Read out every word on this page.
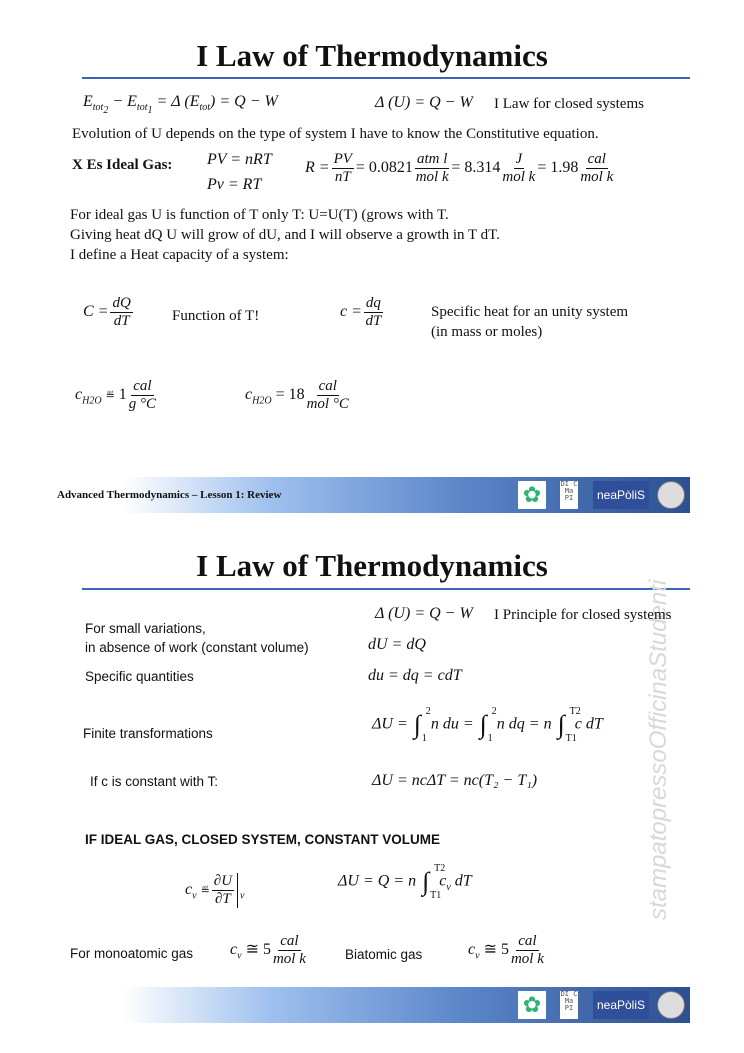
I Law of Thermodynamics
$E_{tot_2} - E_{tot_1} = \Delta$ $(E_{tot}) = Q - W$	Δ (U) = Q − W I Law for closed systems
Evolution of U depends on the type of system I have to know the Constitutive equation.
X Es Ideal Gas: PV = nRT
Pv = RT
$R = \frac{PV}{nT} = 0.0821 \frac{\text{atm l}}{\text{mol k}} = 8.314 \frac{J}{\text{mol k}} = 1.98 \frac{\text{cal}}{\text{mol k}}$
For ideal gas U is function of T only T: U=U(T) (grows with T.
Giving heat dQ U will grow of dU, and I will observe a growth in T dT.
I define a Heat capacity of a system:
$C = \frac{dQ}{dT}$	Function of T!	$c = \frac{dq}{dT}$	Specific heat for an unity system
(in mass or moles)
$c_{H2O}$ ≝ $1 \frac{\text{cal}}{g ^\circ C}$	$c_{H2O} = 18 \frac{\text{cal}}{\text{mol °C}}$
Advanced Thermodynamics – Lesson 1: Review	✿	DI C Ma PI	neaPòliS
I Law of Thermodynamics
stampatopressoOfficinaStudenti
Δ (U) = Q − W I Principle for closed systems
For small variations,
in absence of work (constant volume)	dU = dQ
Specific quantities	du = dq = cdT
Finite transformations
ΔU = ∫ 2
1
n du = ∫ 2
1
n dq = n ∫ T2
T1
c dT
If c is constant with T:	ΔU = ncΔT = nc(T₂ − T₁)
IF IDEAL GAS, CLOSED SYSTEM, CONSTANT VOLUME
$c_v$ ≝ $\frac{\partial U}{\partial T} _v$
ΔU = Q = n ∫ T2
T1
$c_v$ dT
For monoatomic gas $c_v$ ≅ $5 \frac{\text{cal}}{\text{mol k}}$	Biatomic gas	$c_v$ ≅ $5 \frac{\text{cal}}{\text{mol k}}$
✿	DI C Ma PI	neaPòliS
